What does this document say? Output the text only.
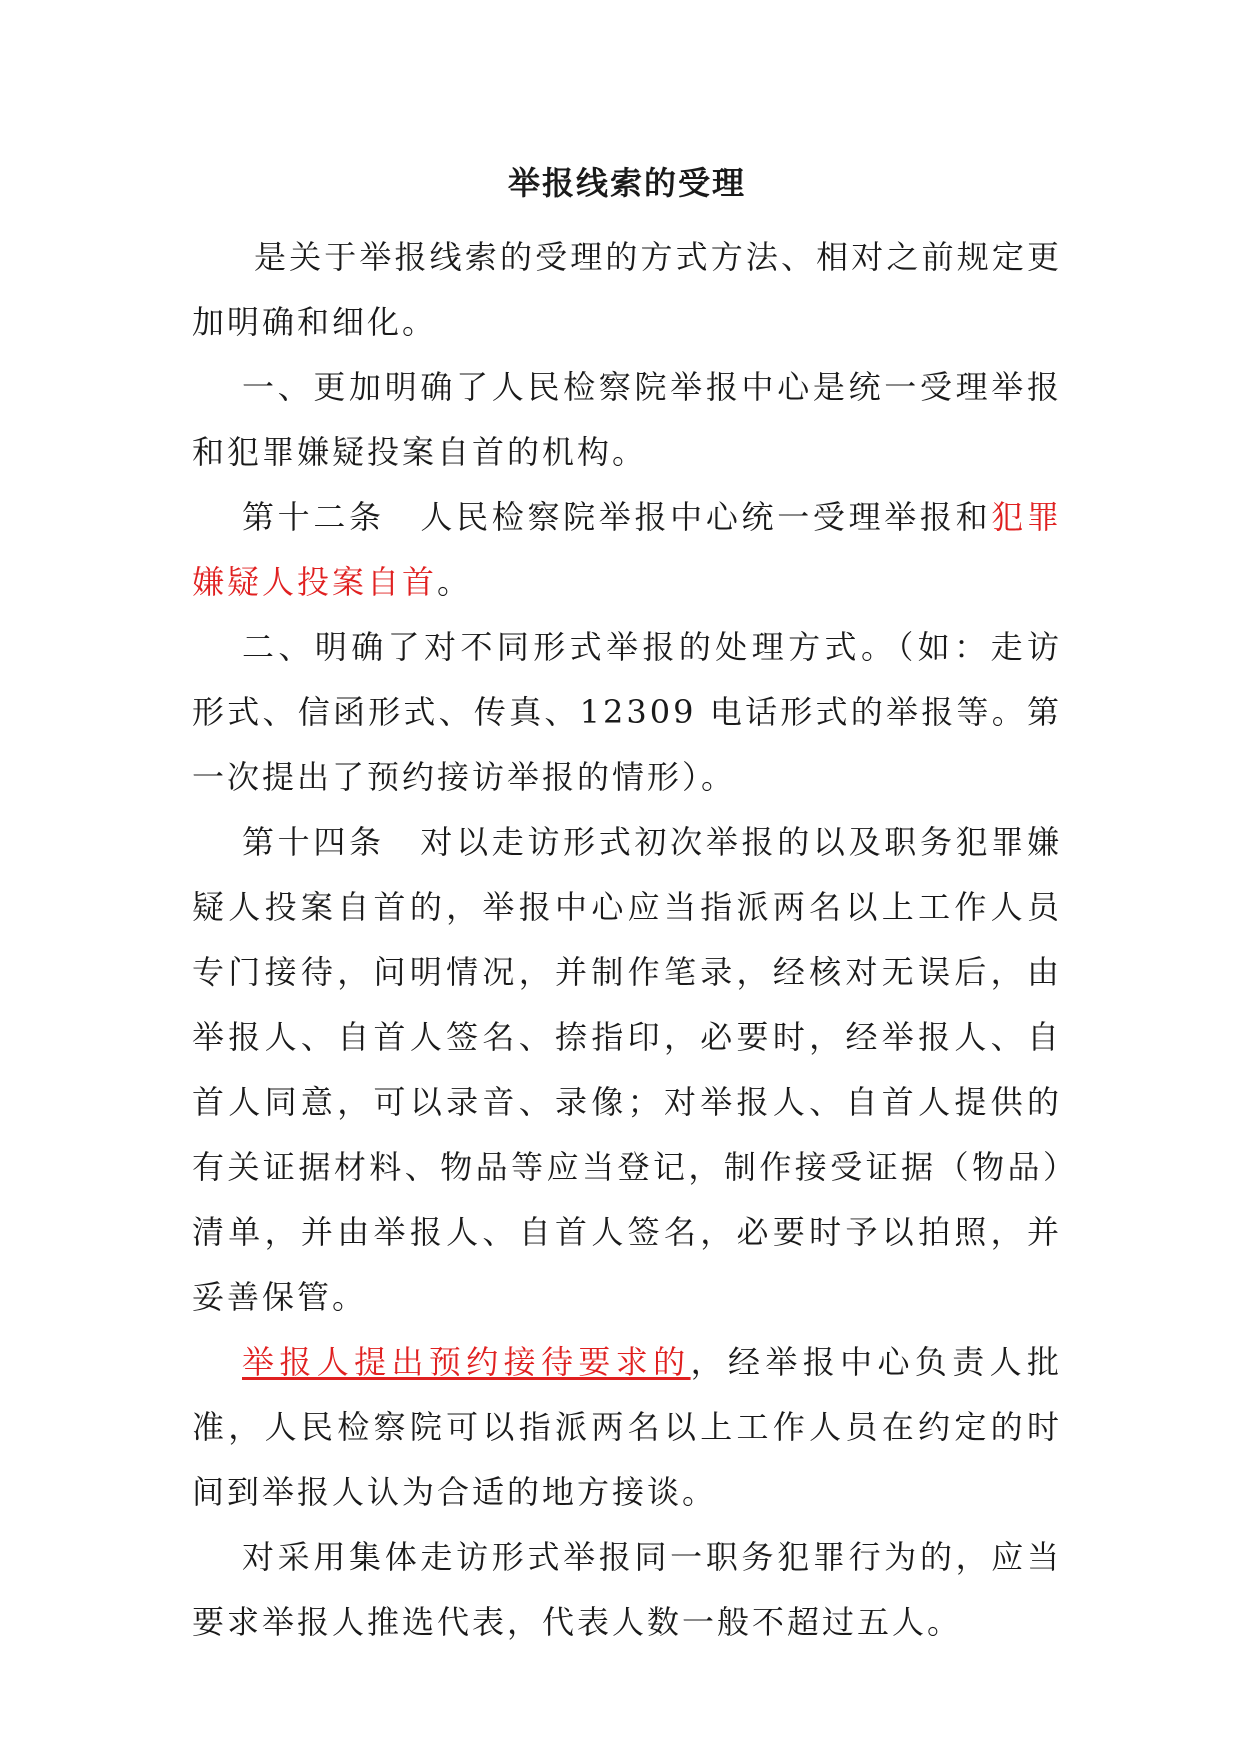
举报线索的受理

是关于举报线索的受理的方式方法、相对之前规定更加明确和细化。

一、更加明确了人民检察院举报中心是统一受理举报和犯罪嫌疑投案自首的机构。

第十二条　人民检察院举报中心统一受理举报和犯罪嫌疑人投案自首。

二、明确了对不同形式举报的处理方式。（如：走访形式、信函形式、传真、12309 电话形式的举报等。第一次提出了预约接访举报的情形）。

第十四条　对以走访形式初次举报的以及职务犯罪嫌疑人投案自首的，举报中心应当指派两名以上工作人员专门接待，问明情况，并制作笔录，经核对无误后，由举报人、自首人签名、捺指印，必要时，经举报人、自首人同意，可以录音、录像；对举报人、自首人提供的有关证据材料、物品等应当登记，制作接受证据（物品）清单，并由举报人、自首人签名，必要时予以拍照，并妥善保管。

举报人提出预约接待要求的，经举报中心负责人批准，人民检察院可以指派两名以上工作人员在约定的时间到举报人认为合适的地方接谈。

对采用集体走访形式举报同一职务犯罪行为的，应当要求举报人推选代表，代表人数一般不超过五人。
